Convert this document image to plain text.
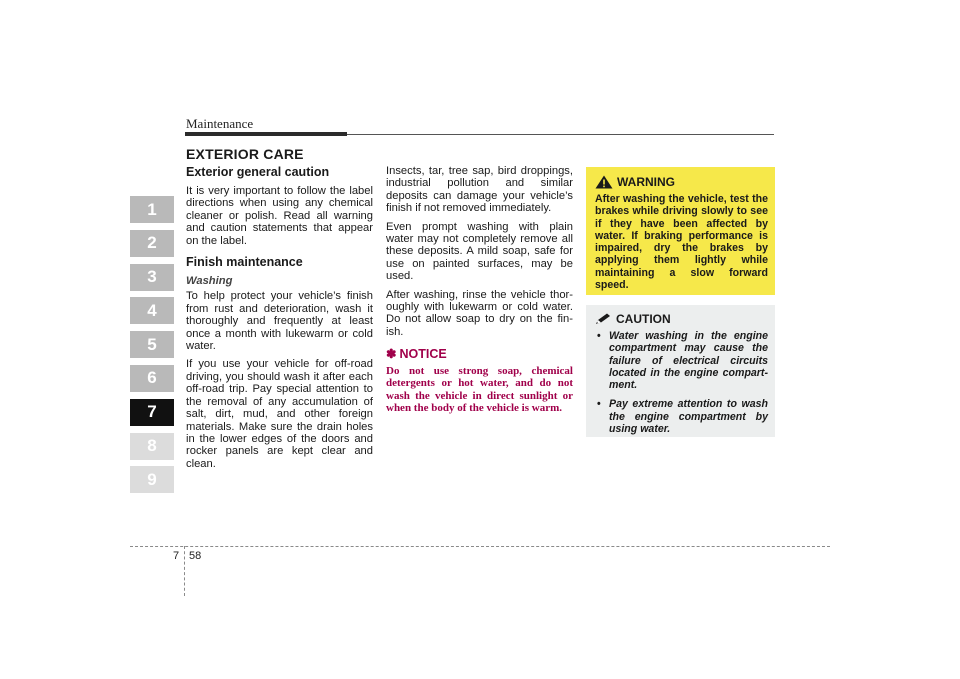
Maintenance
EXTERIOR CARE
1
2
3
4
5
6
7
8
9
Exterior general caution

It is very important to follow the label directions when using any chemical cleaner or polish. Read all warning and caution statements that appear on the label.

Finish maintenance
Washing

To help protect your vehicle’s finish from rust and deterioration, wash it thoroughly and frequently at least once a month with lukewarm or cold water.

If you use your vehicle for off-road driving, you should wash it after each off-road trip. Pay special attention to the removal of any accumulation of salt, dirt, mud, and other foreign materials. Make sure the drain holes in the lower edges of the doors and rocker panels are kept clear and clean.

Insects, tar, tree sap, bird droppings, industrial pollution and similar deposits can damage your vehicle’s finish if not removed immediately.

Even prompt washing with plain water may not completely remove all these deposits. A mild soap, safe for use on painted surfaces, may be used.

After washing, rinse the vehicle thor-oughly with lukewarm or cold water. Do not allow soap to dry on the fin-ish.

✽ NOTICE
Do not use strong soap, chemical detergents or hot water, and do not wash the vehicle in direct sunlight or when the body of the vehicle is warm.
WARNING
After washing the vehicle, test the brakes while driving slowly to see if they have been affected by water. If braking performance is impaired, dry the brakes by applying them lightly while maintaining a slow forward speed.
CAUTION
• Water washing in the engine compartment may cause the failure of electrical circuits located in the engine compart-ment.
• Pay extreme attention to wash the engine compartment by using water.
7 58
